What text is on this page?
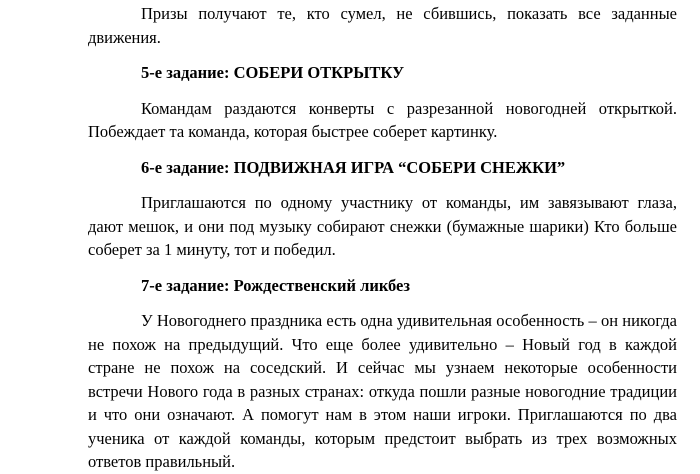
Призы получают те, кто сумел, не сбившись, показать все заданные движения.

5-е задание: СОБЕРИ ОТКРЫТКУ

Командам раздаются конверты с разрезанной новогодней открыткой. Побеждает та команда, которая быстрее соберет картинку.

6-е задание: ПОДВИЖНАЯ ИГРА “СОБЕРИ СНЕЖКИ”

Приглашаются по одному участнику от команды, им завязывают глаза, дают мешок, и они под музыку собирают снежки (бумажные шарики) Кто больше соберет за 1 минуту, тот и победил.

7-е задание: Рождественский ликбез

У Новогоднего праздника есть одна удивительная особенность – он никогда не похож на предыдущий. Что еще более удивительно – Новый год в каждой стране не похож на соседский. И сейчас мы узнаем некоторые особенности встречи Нового года в разных странах: откуда пошли разные новогодние традиции и что они означают. А помогут нам в этом наши игроки. Приглашаются по два ученика от каждой команды, которым предстоит выбрать из трех возможных ответов правильный.
